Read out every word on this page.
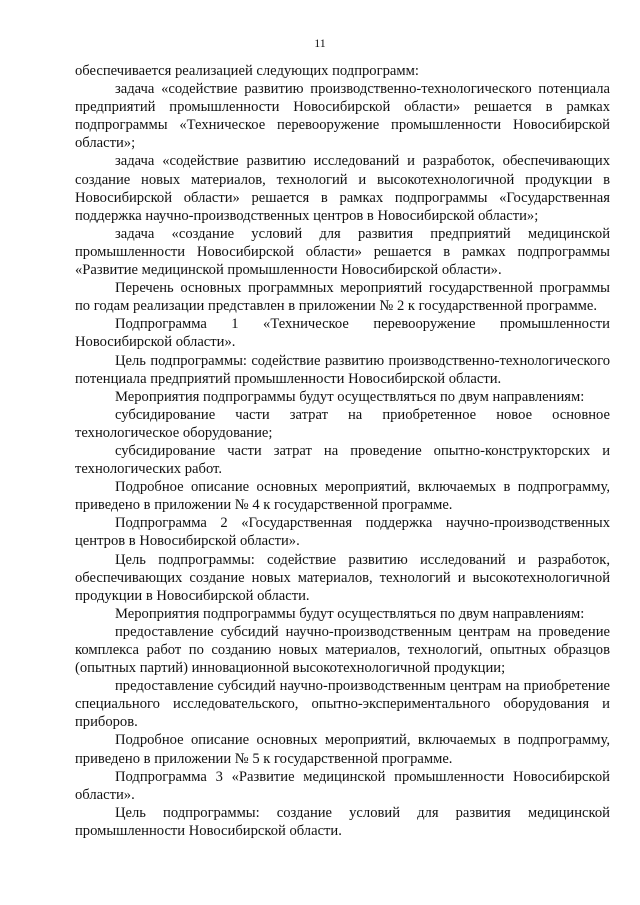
11

обеспечивается реализацией следующих подпрограмм:

задача «содействие развитию производственно-технологического потенциала предприятий промышленности Новосибирской области» решается в рамках подпрограммы «Техническое перевооружение промышленности Новосибирской области»;

задача «содействие развитию исследований и разработок, обеспечивающих создание новых материалов, технологий и высокотехнологичной продукции в Новосибирской области» решается в рамках подпрограммы «Государственная поддержка научно-производственных центров в Новосибирской области»;

задача «создание условий для развития предприятий медицинской промышленности Новосибирской области» решается в рамках подпрограммы «Развитие медицинской промышленности Новосибирской области».

Перечень основных программных мероприятий государственной программы по годам реализации представлен в приложении № 2 к государственной программе.

Подпрограмма 1 «Техническое перевооружение промышленности Новосибирской области».

Цель подпрограммы: содействие развитию производственно-технологического потенциала предприятий промышленности Новосибирской области.

Мероприятия подпрограммы будут осуществляться по двум направлениям:

субсидирование части затрат на приобретенное новое основное технологическое оборудование;

субсидирование части затрат на проведение опытно-конструкторских и технологических работ.

Подробное описание основных мероприятий, включаемых в подпрограмму, приведено в приложении № 4 к государственной программе.

Подпрограмма 2 «Государственная поддержка научно-производственных центров в Новосибирской области».

Цель подпрограммы: содействие развитию исследований и разработок, обеспечивающих создание новых материалов, технологий и высокотехнологичной продукции в Новосибирской области.

Мероприятия подпрограммы будут осуществляться по двум направлениям:

предоставление субсидий научно-производственным центрам на проведение комплекса работ по созданию новых материалов, технологий, опытных образцов (опытных партий) инновационной высокотехнологичной продукции;

предоставление субсидий научно-производственным центрам на приобретение специального исследовательского, опытно-экспериментального оборудования и приборов.

Подробное описание основных мероприятий, включаемых в подпрограмму, приведено в приложении № 5 к государственной программе.

Подпрограмма 3 «Развитие медицинской промышленности Новосибирской области».

Цель подпрограммы: создание условий для развития медицинской промышленности Новосибирской области.
